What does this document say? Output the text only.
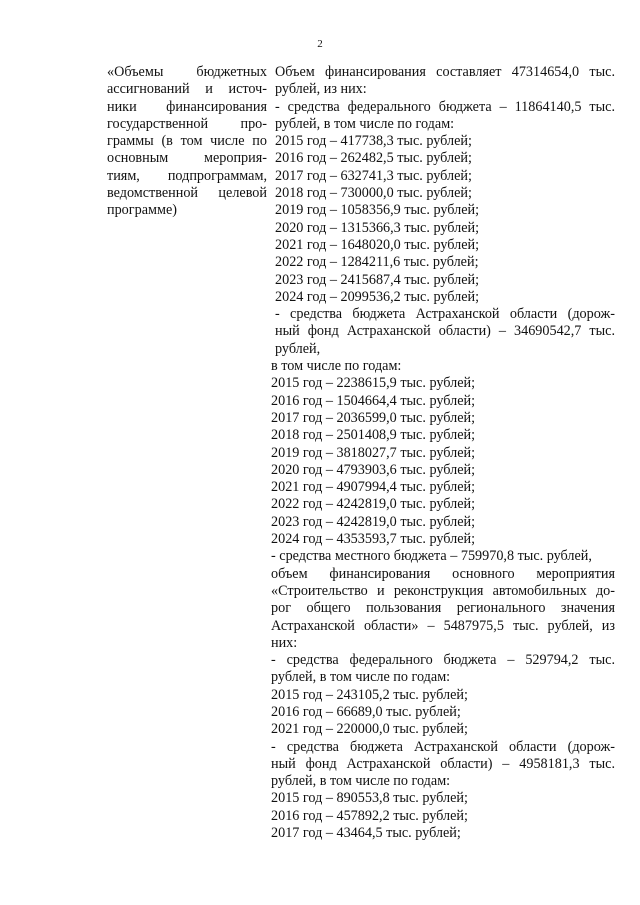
2
«Объемы бюджетных
ассигнований и источ-
ники финансирования
государственной про-
граммы (в том числе по
основным мероприя-
тиям, подпрограммам,
ведомственной целевой
программе)
Объем финансирования составляет 47314654,0 тыс.
рублей, из них:
- средства федерального бюджета – 11864140,5 тыс.
рублей, в том числе по годам:
2015 год – 417738,3 тыс. рублей;
2016 год – 262482,5 тыс. рублей;
2017 год – 632741,3 тыс. рублей;
2018 год – 730000,0 тыс. рублей;
2019 год – 1058356,9 тыс. рублей;
2020 год – 1315366,3 тыс. рублей;
2021 год – 1648020,0 тыс. рублей;
2022 год – 1284211,6 тыс. рублей;
2023 год – 2415687,4 тыс. рублей;
2024 год – 2099536,2 тыс. рублей;
- средства бюджета Астраханской области (дорож-
ный фонд Астраханской области) – 34690542,7 тыс.
рублей,
в том числе по годам:
2015 год – 2238615,9 тыс. рублей;
2016 год – 1504664,4 тыс. рублей;
2017 год – 2036599,0 тыс. рублей;
2018 год – 2501408,9 тыс. рублей;
2019 год – 3818027,7 тыс. рублей;
2020 год – 4793903,6 тыс. рублей;
2021 год – 4907994,4 тыс. рублей;
2022 год – 4242819,0 тыс. рублей;
2023 год – 4242819,0 тыс. рублей;
2024 год – 4353593,7 тыс. рублей;
- средства местного бюджета – 759970,8 тыс. рублей,
объем финансирования основного мероприятия
«Строительство и реконструкция автомобильных до-
рог общего пользования регионального значения
Астраханской области» – 5487975,5 тыс. рублей, из
них:
- средства федерального бюджета – 529794,2 тыс.
рублей, в том числе по годам:
2015 год – 243105,2 тыс. рублей;
2016 год – 66689,0 тыс. рублей;
2021 год – 220000,0 тыс. рублей;
- средства бюджета Астраханской области (дорож-
ный фонд Астраханской области) – 4958181,3 тыс.
рублей, в том числе по годам:
2015 год – 890553,8 тыс. рублей;
2016 год – 457892,2 тыс. рублей;
2017 год – 43464,5 тыс. рублей;
